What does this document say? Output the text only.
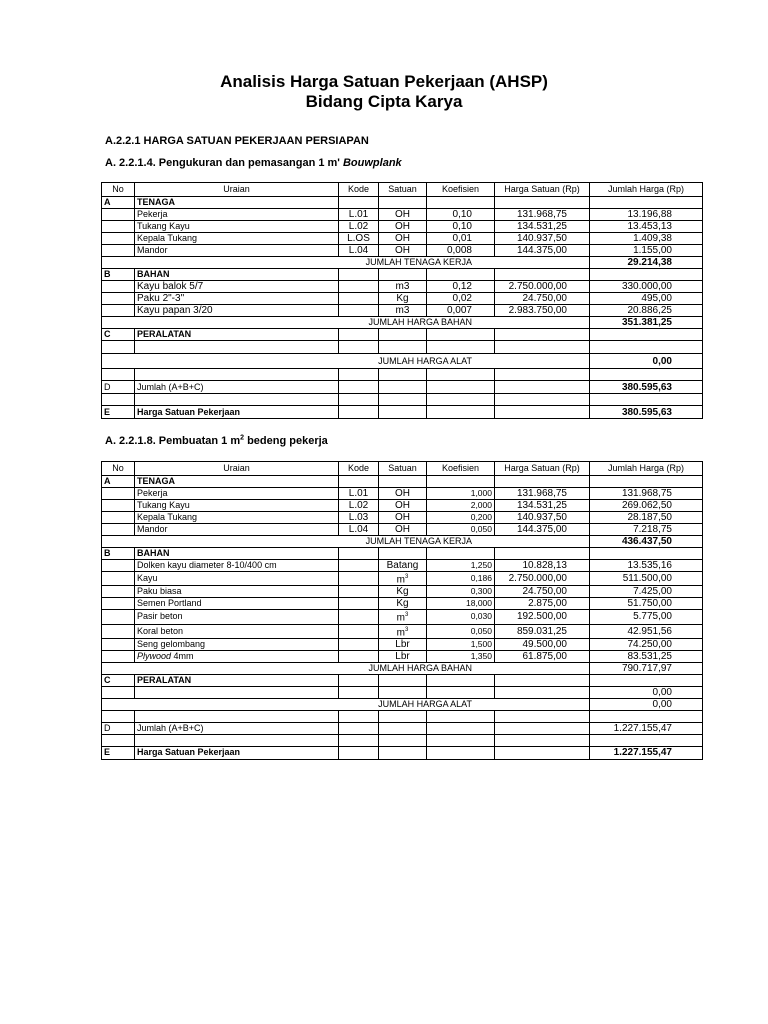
Analisis Harga Satuan Pekerjaan (AHSP)
Bidang Cipta Karya
A.2.2.1 HARGA SATUAN PEKERJAAN PERSIAPAN
A. 2.2.1.4. Pengukuran dan pemasangan 1 m' Bouwplank
No	Uraian	Kode	Satuan	Koefisien	Harga Satuan (Rp)	Jumlah Harga (Rp)
A	TENAGA					
	Pekerja	L.01	OH	0,10	131.968,75	13.196,88
	Tukang Kayu	L.02	OH	0,10	134.531,25	13.453,13
	Kepala Tukang	L.OS	OH	0,01	140.937,50	1.409,38
	Mandor	L.04	OH	0,008	144.375,00	1.155,00
	JUMLAH TENAGA KERJA					29.214,38
B	BAHAN					
	Kayu balok 5/7		m3	0,12	2.750.000,00	330.000,00
	Paku 2"-3"		Kg	0,02	24.750,00	495,00
	Kayu papan 3/20		m3	0,007	2.983.750,00	20.886,25
	JUMLAH HARGA BAHAN					351.381,25
C	PERALATAN					

	JUMLAH HARGA ALAT					0,00

D	Jumlah (A+B+C)					380.595,63

E	Harga Satuan Pekerjaan					380.595,63
A. 2.2.1.8. Pembuatan 1 $m^2$ bedeng pekerja
No	Uraian	Kode	Satuan	Koefisien	Harga Satuan (Rp)	Jumlah Harga (Rp)
A	TENAGA					
	Pekerja	L.01	OH	1,000	131.968,75	131.968,75
	Tukang Kayu	L.02	OH	2,000	134.531,25	269.062,50
	Kepala Tukang	L.03	OH	0,200	140.937,50	28.187,50
	Mandor	L.04	OH	0,050	144.375,00	7.218,75
	JUMLAH TENAGA KERJA					436.437,50
B	BAHAN					
	Dolken kayu diameter 8-10/400 cm		Batang	1,250	10.828,13	13.535,16
	Kayu		$m^3$	0,186	2.750.000,00	511.500,00
	Paku biasa		Kg	0,300	24.750,00	7.425,00
	Semen Portland		Kg	18,000	2.875,00	51.750,00
	Pasir beton		$m^3$	0,030	192.500,00	5.775,00
	Koral beton		$m^3$	0,050	859.031,25	42.951,56
	Seng gelombang		Lbr	1,500	49.500,00	74.250,00
	Plywood 4mm		Lbr	1,350	61.875,00	83.531,25
	JUMLAH HARGA BAHAN					790.717,97
C	PERALATAN					
						0,00
	JUMLAH HARGA ALAT					0,00

D	Jumlah (A+B+C)					1.227.155,47

E	Harga Satuan Pekerjaan					1.227.155,47
